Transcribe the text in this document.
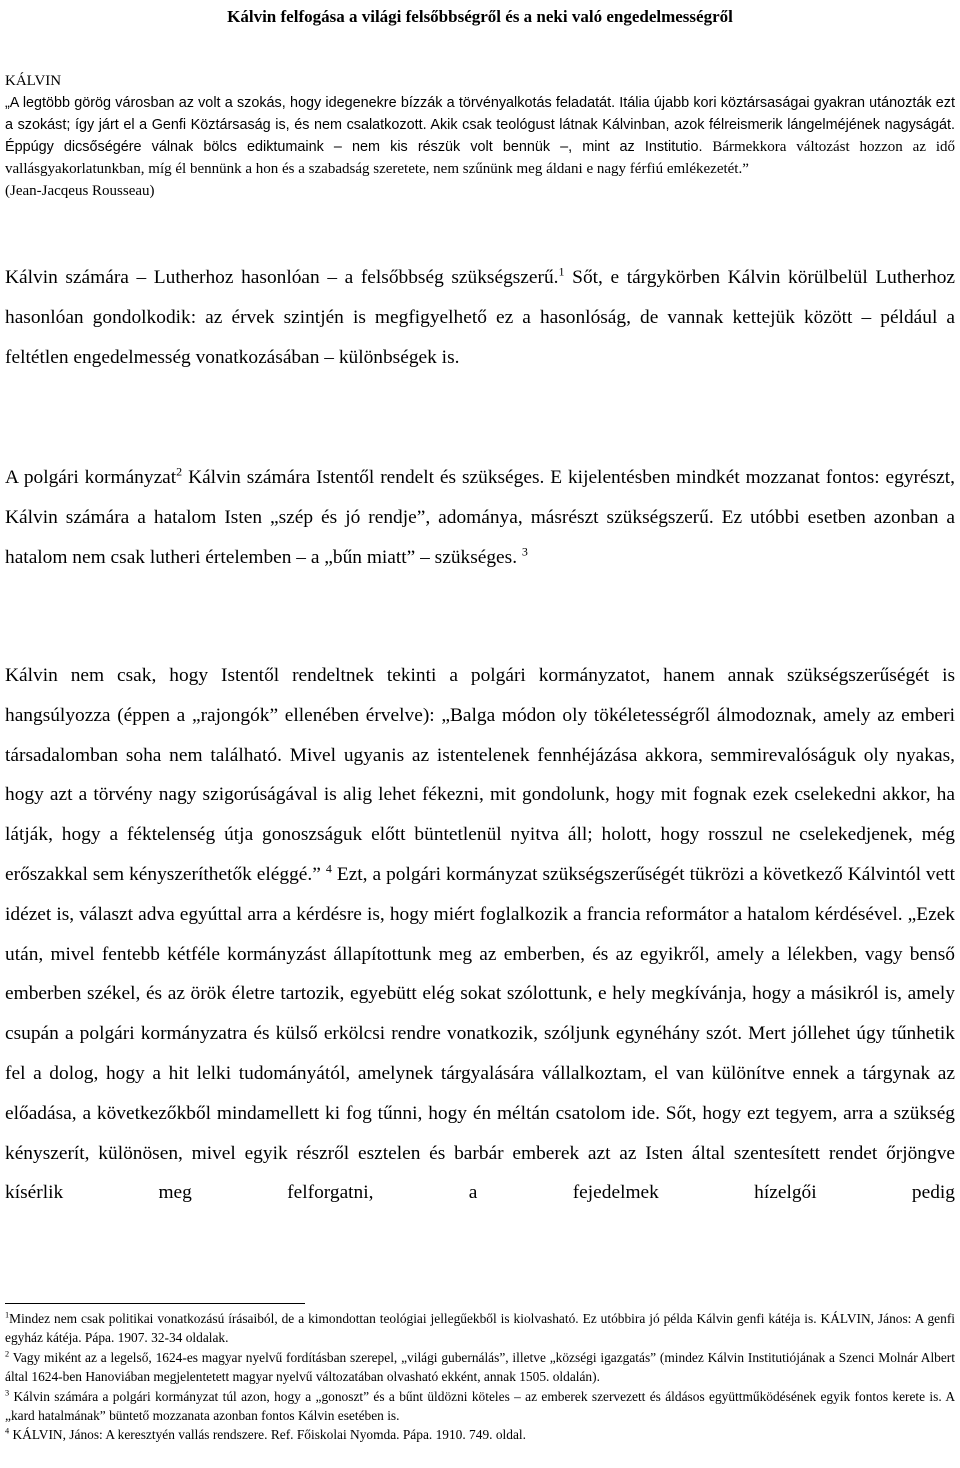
Kálvin felfogása a világi felsőbbségről és a neki való engedelmességről
KÁLVIN
„A legtöbb görög városban az volt a szokás, hogy idegenekre bízzák a törvényalkotás feladatát. Itália újabb kori köztársaságai gyakran utánozták ezt a szokást; így járt el a Genfi Köztársaság is, és nem csalatkozott. Akik csak teológust látnak Kálvinban, azok félreismerik lángelméjének nagyságát. Éppúgy dicsőségére válnak bölcs ediktumaink – nem kis részük volt bennük –, mint az Institutio. Bármekkora változást hozzon az idő vallásgyakorlatunkban, míg él bennünk a hon és a szabadság szeretete, nem szűnünk meg áldani e nagy férfiú emlékezetét.”
(Jean-Jacqeus Rousseau)

Kálvin számára – Lutherhoz hasonlóan – a felsőbbség szükségszerű.$^1$ Sőt, e tárgykörben Kálvin körülbelül Lutherhoz hasonlóan gondolkodik: az érvek szintjén is megfigyelhető ez a hasonlóság, de vannak kettejük között – például a feltétlen engedelmesség vonatkozásában – különbségek is.

A polgári kormányzat$^2$ Kálvin számára Istentől rendelt és szükséges. E kijelentésben mindkét mozzanat fontos: egyrészt, Kálvin számára a hatalom Isten „szép és jó rendje”, adománya, másrészt szükségszerű. Ez utóbbi esetben azonban a hatalom nem csak lutheri értelemben – a „bűn miatt” – szükséges. $^3$

Kálvin nem csak, hogy Istentől rendeltnek tekinti a polgári kormányzatot, hanem annak szükségszerűségét is hangsúlyozza (éppen a „rajongók” ellenében érvelve): „Balga módon oly tökéletességről álmodoznak, amely az emberi társadalomban soha nem található. Mivel ugyanis az istentelenek fennhéjázása akkora, semmirevalóságuk oly nyakas, hogy azt a törvény nagy szigorúságával is alig lehet fékezni, mit gondolunk, hogy mit fognak ezek cselekedni akkor, ha látják, hogy a féktelenség útja gonoszságuk előtt büntetlenül nyitva áll; holott, hogy rosszul ne cselekedjenek, még erőszakkal sem kényszeríthetők eléggé.” $^4$ Ezt, a polgári kormányzat szükségszerűségét tükrözi a következő Kálvintól vett idézet is, választ adva egyúttal arra a kérdésre is, hogy miért foglalkozik a francia reformátor a hatalom kérdésével. „Ezek után, mivel fentebb kétféle kormányzást állapítottunk meg az emberben, és az egyikről, amely a lélekben, vagy benső emberben székel, és az örök életre tartozik, egyebütt elég sokat szólottunk, e hely megkívánja, hogy a másikról is, amely csupán a polgári kormányzatra és külső erkölcsi rendre vonatkozik, szóljunk egynéhány szót. Mert jóllehet úgy tűnhetik fel a dolog, hogy a hit lelki tudományától, amelynek tárgyalására vállalkoztam, el van különítve ennek a tárgynak az előadása, a következőkből mindamellett ki fog tűnni, hogy én méltán csatolom ide. Sőt, hogy ezt tegyem, arra a szükség kényszerít, különösen, mivel egyik részről esztelen és barbár emberek azt az Isten által szentesített rendet őrjöngve kísérlik meg felforgatni, a fejedelmek hízelgői pedig

$^1$Mindez nem csak politikai vonatkozású írásaiból, de a kimondottan teológiai jellegűekből is kiolvasható. Ez utóbbira jó példa Kálvin genfi kátéja is. KÁLVIN, János: A genfi egyház kátéja. Pápa. 1907. 32-34 oldalak.

$^2$ Vagy miként az a legelső, 1624-es magyar nyelvű fordításban szerepel, „világi gubernálás”, illetve „községi igazgatás” (mindez Kálvin Institutiójának a Szenci Molnár Albert által 1624-ben Hanoviában megjelentetett magyar nyelvű változatában olvasható ekként, annak 1505. oldalán).

$^3$ Kálvin számára a polgári kormányzat túl azon, hogy a „gonoszt” és a bűnt üldözni köteles – az emberek szervezett és áldásos együttműködésének egyik fontos kerete is. A „kard hatalmának” büntető mozzanata azonban fontos Kálvin esetében is.

$^4$ KÁLVIN, János: A keresztyén vallás rendszere. Ref. Főiskolai Nyomda. Pápa. 1910. 749. oldal.
